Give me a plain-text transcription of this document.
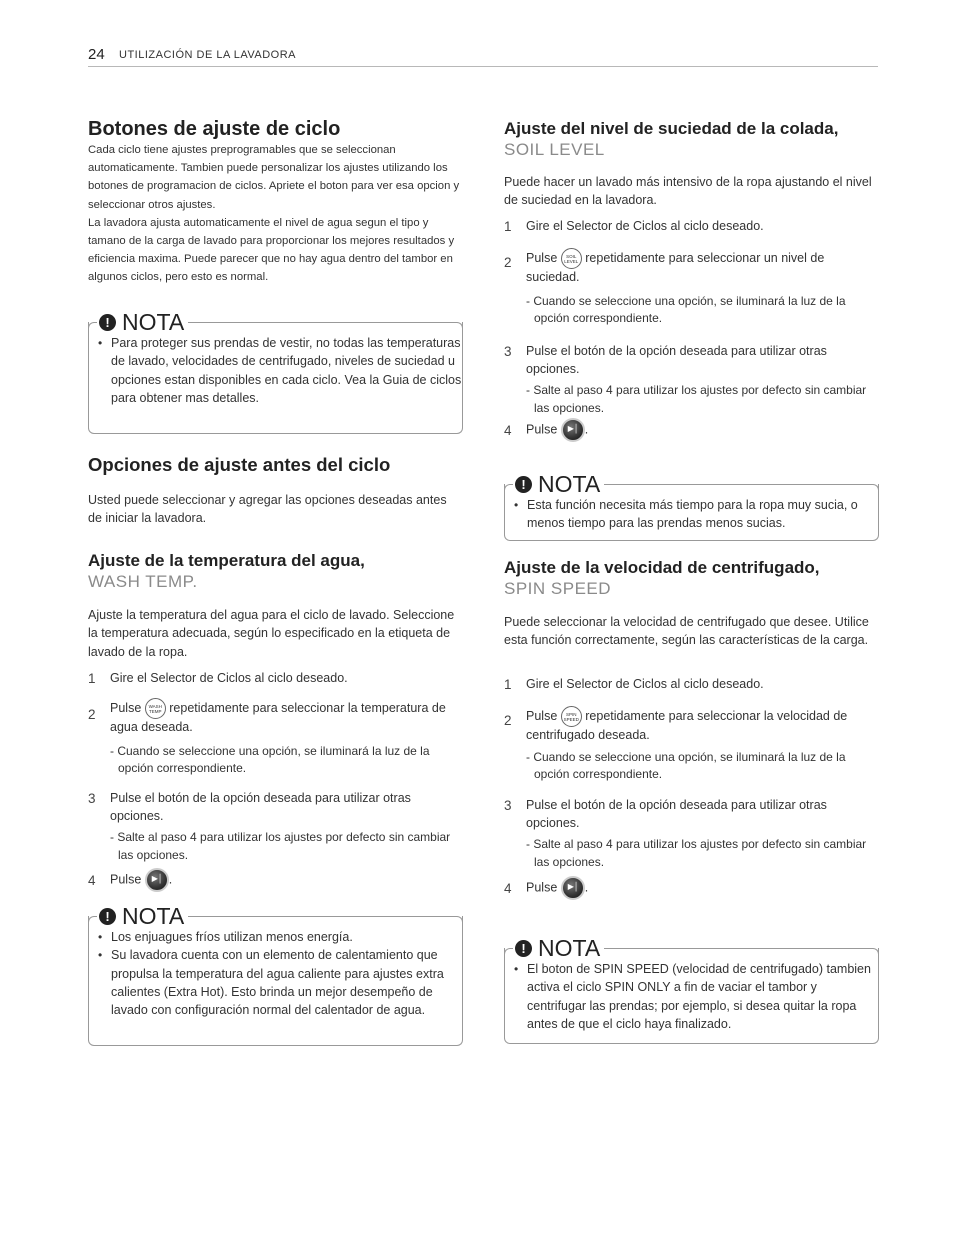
24 UTILIZACIÓN DE LA LAVADORA
Botones de ajuste de ciclo

Cada ciclo tiene ajustes preprogramables que se seleccionan automaticamente. Tambien puede personalizar los ajustes utilizando los botones de programacion de ciclos. Apriete el boton para ver esa opcion y seleccionar otros ajustes.

La lavadora ajusta automaticamente el nivel de agua segun el tipo y tamano de la carga de lavado para proporcionar los mejores resultados y eficiencia maxima. Puede parecer que no hay agua dentro del tambor en algunos ciclos, pero esto es normal.

! NOTA
• Para proteger sus prendas de vestir, no todas las temperaturas de lavado, velocidades de centrifugado, niveles de suciedad u opciones estan disponibles en cada ciclo. Vea la Guia de ciclos para obtener mas detalles.
Opciones de ajuste antes del ciclo

Usted puede seleccionar y agregar las opciones deseadas antes de iniciar la lavadora.

Ajuste de la temperatura del agua,
WASH TEMP.

Ajuste la temperatura del agua para el ciclo de lavado. Seleccione la temperatura adecuada, según lo especificado en la etiqueta de lavado de la ropa.

1 Gire el Selector de Ciclos al ciclo deseado.
2 Pulse WASH TEMP repetidamente para seleccionar la temperatura de agua deseada.
- Cuando se seleccione una opción, se iluminará la luz de la opción correspondiente.
3 Pulse el botón de la opción deseada para utilizar otras opciones.
- Salte al paso 4 para utilizar los ajustes por defecto sin cambiar las opciones.
4 Pulse ▶│ .
! NOTA
• Los enjuagues fríos utilizan menos energía.
• Su lavadora cuenta con un elemento de calentamiento que propulsa la temperatura del agua caliente para ajustes extra calientes (Extra Hot). Esto brinda un mejor desempeño de lavado con configuración normal del calentador de agua.
Ajuste del nivel de suciedad de la colada,
SOIL LEVEL

Puede hacer un lavado más intensivo de la ropa ajustando el nivel de suciedad en la lavadora.

1 Gire el Selector de Ciclos al ciclo deseado.
2 Pulse SOIL LEVEL repetidamente para seleccionar un nivel de suciedad.
- Cuando se seleccione una opción, se iluminará la luz de la opción correspondiente.
3 Pulse el botón de la opción deseada para utilizar otras opciones.
- Salte al paso 4 para utilizar los ajustes por defecto sin cambiar las opciones.
4 Pulse ▶│ .
! NOTA
• Esta función necesita más tiempo para la ropa muy sucia, o menos tiempo para las prendas menos sucias.
Ajuste de la velocidad de centrifugado,
SPIN SPEED

Puede seleccionar la velocidad de centrifugado que desee. Utilice esta función correctamente, según las características de la carga.

1 Gire el Selector de Ciclos al ciclo deseado.
2 Pulse SPIN SPEED repetidamente para seleccionar la velocidad de centrifugado deseada.
- Cuando se seleccione una opción, se iluminará la luz de la opción correspondiente.
3 Pulse el botón de la opción deseada para utilizar otras opciones.
- Salte al paso 4 para utilizar los ajustes por defecto sin cambiar las opciones.
4 Pulse ▶│ .
! NOTA
• El boton de SPIN SPEED (velocidad de centrifugado) tambien activa el ciclo SPIN ONLY a fin de vaciar el tambor y centrifugar las prendas; por ejemplo, si desea quitar la ropa antes de que el ciclo haya finalizado.
